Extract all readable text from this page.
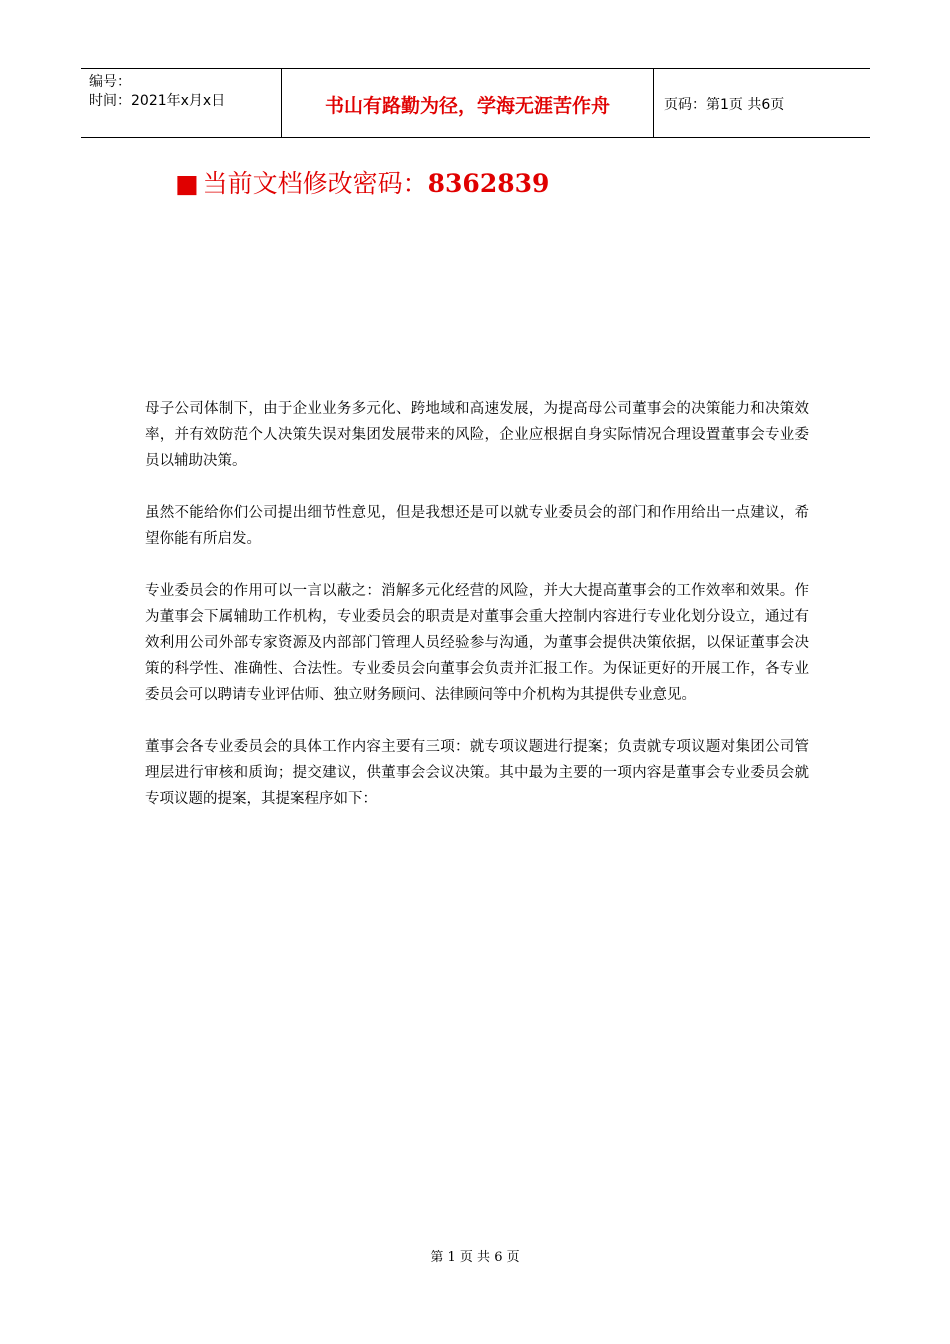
编号：
时间：2021年x月x日	书山有路勤为径，学海无涯苦作舟	页码：第1页 共6页
■ 当前文档修改密码：8362839

母子公司体制下，由于企业业务多元化、跨地域和高速发展，为提高母公司董事会的决策能力和决策效率，并有效防范个人决策失误对集团发展带来的风险，企业应根据自身实际情况合理设置董事会专业委员以辅助决策。

虽然不能给你们公司提出细节性意见，但是我想还是可以就专业委员会的部门和作用给出一点建议，希望你能有所启发。

专业委员会的作用可以一言以蔽之：消解多元化经营的风险，并大大提高董事会的工作效率和效果。作为董事会下属辅助工作机构，专业委员会的职责是对董事会重大控制内容进行专业化划分设立，通过有效利用公司外部专家资源及内部部门管理人员经验参与沟通，为董事会提供决策依据，以保证董事会决策的科学性、准确性、合法性。专业委员会向董事会负责并汇报工作。为保证更好的开展工作，各专业委员会可以聘请专业评估师、独立财务顾问、法律顾问等中介机构为其提供专业意见。

董事会各专业委员会的具体工作内容主要有三项：就专项议题进行提案；负责就专项议题对集团公司管理层进行审核和质询；提交建议，供董事会会议决策。其中最为主要的一项内容是董事会专业委员会就专项议题的提案，其提案程序如下：

第 1 页 共 6 页
